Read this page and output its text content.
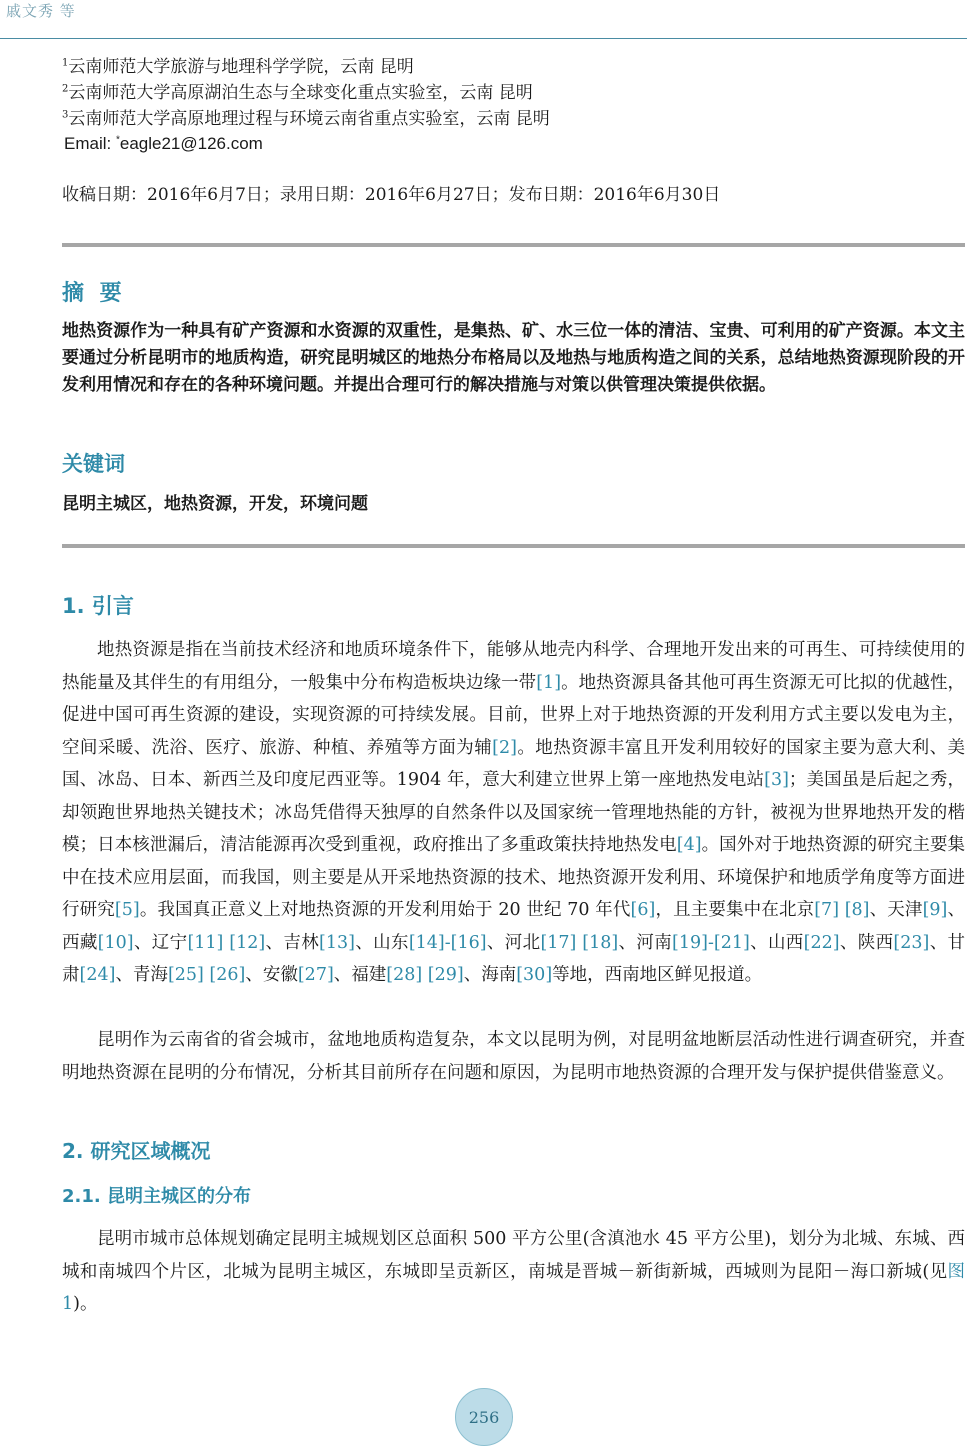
戚文秀 等
$^1$云南师范大学旅游与地理科学学院，云南 昆明
$^2$云南师范大学高原湖泊生态与全球变化重点实验室，云南 昆明
$^3$云南师范大学高原地理过程与环境云南省重点实验室，云南 昆明
Email: *eagle21@126.com
收稿日期：2016年6月7日；录用日期：2016年6月27日；发布日期：2016年6月30日
摘 要
地热资源作为一种具有矿产资源和水资源的双重性，是集热、矿、水三位一体的清洁、宝贵、可利用的矿产资源。本文主要通过分析昆明市的地质构造，研究昆明城区的地热分布格局以及地热与地质构造之间的关系，总结地热资源现阶段的开发利用情况和存在的各种环境问题。并提出合理可行的解决措施与对策以供管理决策提供依据。
关键词
昆明主城区，地热资源，开发，环境问题
1. 引言

地热资源是指在当前技术经济和地质环境条件下，能够从地壳内科学、合理地开发出来的可再生、可持续使用的热能量及其伴生的有用组分，一般集中分布构造板块边缘一带[1]。地热资源具备其他可再生资源无可比拟的优越性，促进中国可再生资源的建设，实现资源的可持续发展。目前，世界上对于地热资源的开发利用方式主要以发电为主，空间采暖、洗浴、医疗、旅游、种植、养殖等方面为辅[2]。地热资源丰富且开发利用较好的国家主要为意大利、美国、冰岛、日本、新西兰及印度尼西亚等。1904 年，意大利建立世界上第一座地热发电站[3]；美国虽是后起之秀，却领跑世界地热关键技术；冰岛凭借得天独厚的自然条件以及国家统一管理地热能的方针，被视为世界地热开发的楷模；日本核泄漏后，清洁能源再次受到重视，政府推出了多重政策扶持地热发电[4]。国外对于地热资源的研究主要集中在技术应用层面，而我国，则主要是从开采地热资源的技术、地热资源开发利用、环境保护和地质学角度等方面进行研究[5]。我国真正意义上对地热资源的开发利用始于 20 世纪 70 年代[6]，且主要集中在北京[7] [8]、天津[9]、西藏[10]、辽宁[11] [12]、吉林[13]、山东[14]-[16]、河北[17] [18]、河南[19]-[21]、山西[22]、陕西[23]、甘肃[24]、青海[25] [26]、安徽[27]、福建[28] [29]、海南[30]等地，西南地区鲜见报道。

昆明作为云南省的省会城市，盆地地质构造复杂，本文以昆明为例，对昆明盆地断层活动性进行调查研究，并查明地热资源在昆明的分布情况，分析其目前所存在问题和原因，为昆明市地热资源的合理开发与保护提供借鉴意义。

2. 研究区域概况
2.1. 昆明主城区的分布

昆明市城市总体规划确定昆明主城规划区总面积 500 平方公里(含滇池水 45 平方公里)，划分为北城、东城、西城和南城四个片区，北城为昆明主城区，东城即呈贡新区，南城是晋城－新街新城，西城则为昆阳－海口新城(见图 1)。

256
